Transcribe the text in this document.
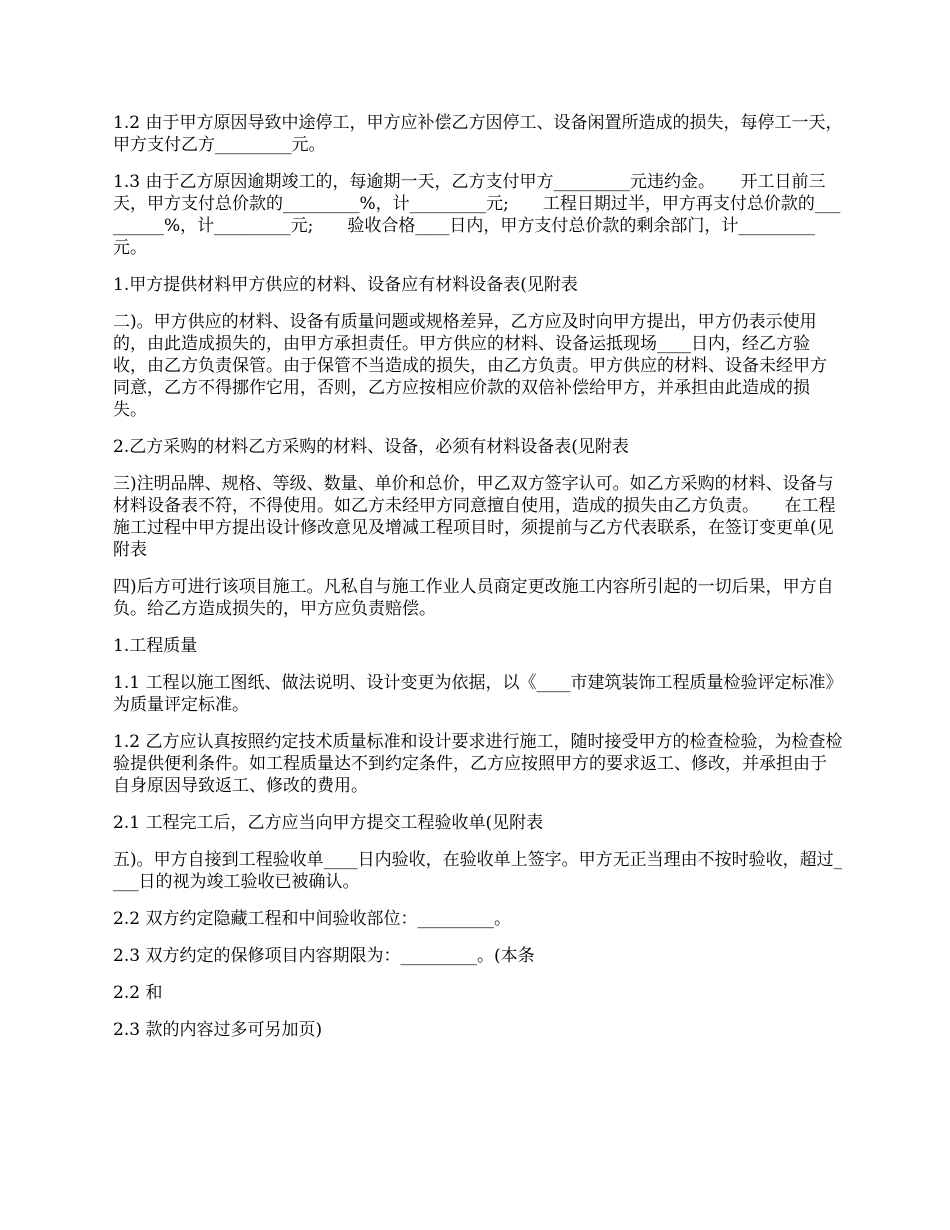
1.2 由于甲方原因导致中途停工，甲方应补偿乙方因停工、设备闲置所造成的损失，每停工一天，甲方支付乙方_________元。

1.3 由于乙方原因逾期竣工的，每逾期一天，乙方支付甲方_________元违约金。　　开工日前三天，甲方支付总价款的_________%，计_________元;　　工程日期过半，甲方再支付总价款的_________%，计_________元;　　验收合格____日内，甲方支付总价款的剩余部门，计_________元。

1.甲方提供材料甲方供应的材料、设备应有材料设备表(见附表

二)。甲方供应的材料、设备有质量问题或规格差异，乙方应及时向甲方提出，甲方仍表示使用的，由此造成损失的，由甲方承担责任。甲方供应的材料、设备运抵现场____日内，经乙方验收，由乙方负责保管。由于保管不当造成的损失，由乙方负责。甲方供应的材料、设备未经甲方同意，乙方不得挪作它用，否则，乙方应按相应价款的双倍补偿给甲方，并承担由此造成的损失。

2.乙方采购的材料乙方采购的材料、设备，必须有材料设备表(见附表

三)注明品牌、规格、等级、数量、单价和总价，甲乙双方签字认可。如乙方采购的材料、设备与材料设备表不符，不得使用。如乙方未经甲方同意擅自使用，造成的损失由乙方负责。　　在工程施工过程中甲方提出设计修改意见及增减工程项目时，须提前与乙方代表联系，在签订变更单(见附表

四)后方可进行该项目施工。凡私自与施工作业人员商定更改施工内容所引起的一切后果，甲方自负。给乙方造成损失的，甲方应负责赔偿。

1.工程质量

1.1 工程以施工图纸、做法说明、设计变更为依据，以《____市建筑装饰工程质量检验评定标准》为质量评定标准。

1.2 乙方应认真按照约定技术质量标准和设计要求进行施工，随时接受甲方的检查检验，为检查检验提供便利条件。如工程质量达不到约定条件，乙方应按照甲方的要求返工、修改，并承担由于自身原因导致返工、修改的费用。

2.1 工程完工后，乙方应当向甲方提交工程验收单(见附表

五)。甲方自接到工程验收单____日内验收，在验收单上签字。甲方无正当理由不按时验收，超过____日的视为竣工验收已被确认。

2.2 双方约定隐藏工程和中间验收部位：_________。

2.3 双方约定的保修项目内容期限为：_________。(本条

2.2 和

2.3 款的内容过多可另加页)
